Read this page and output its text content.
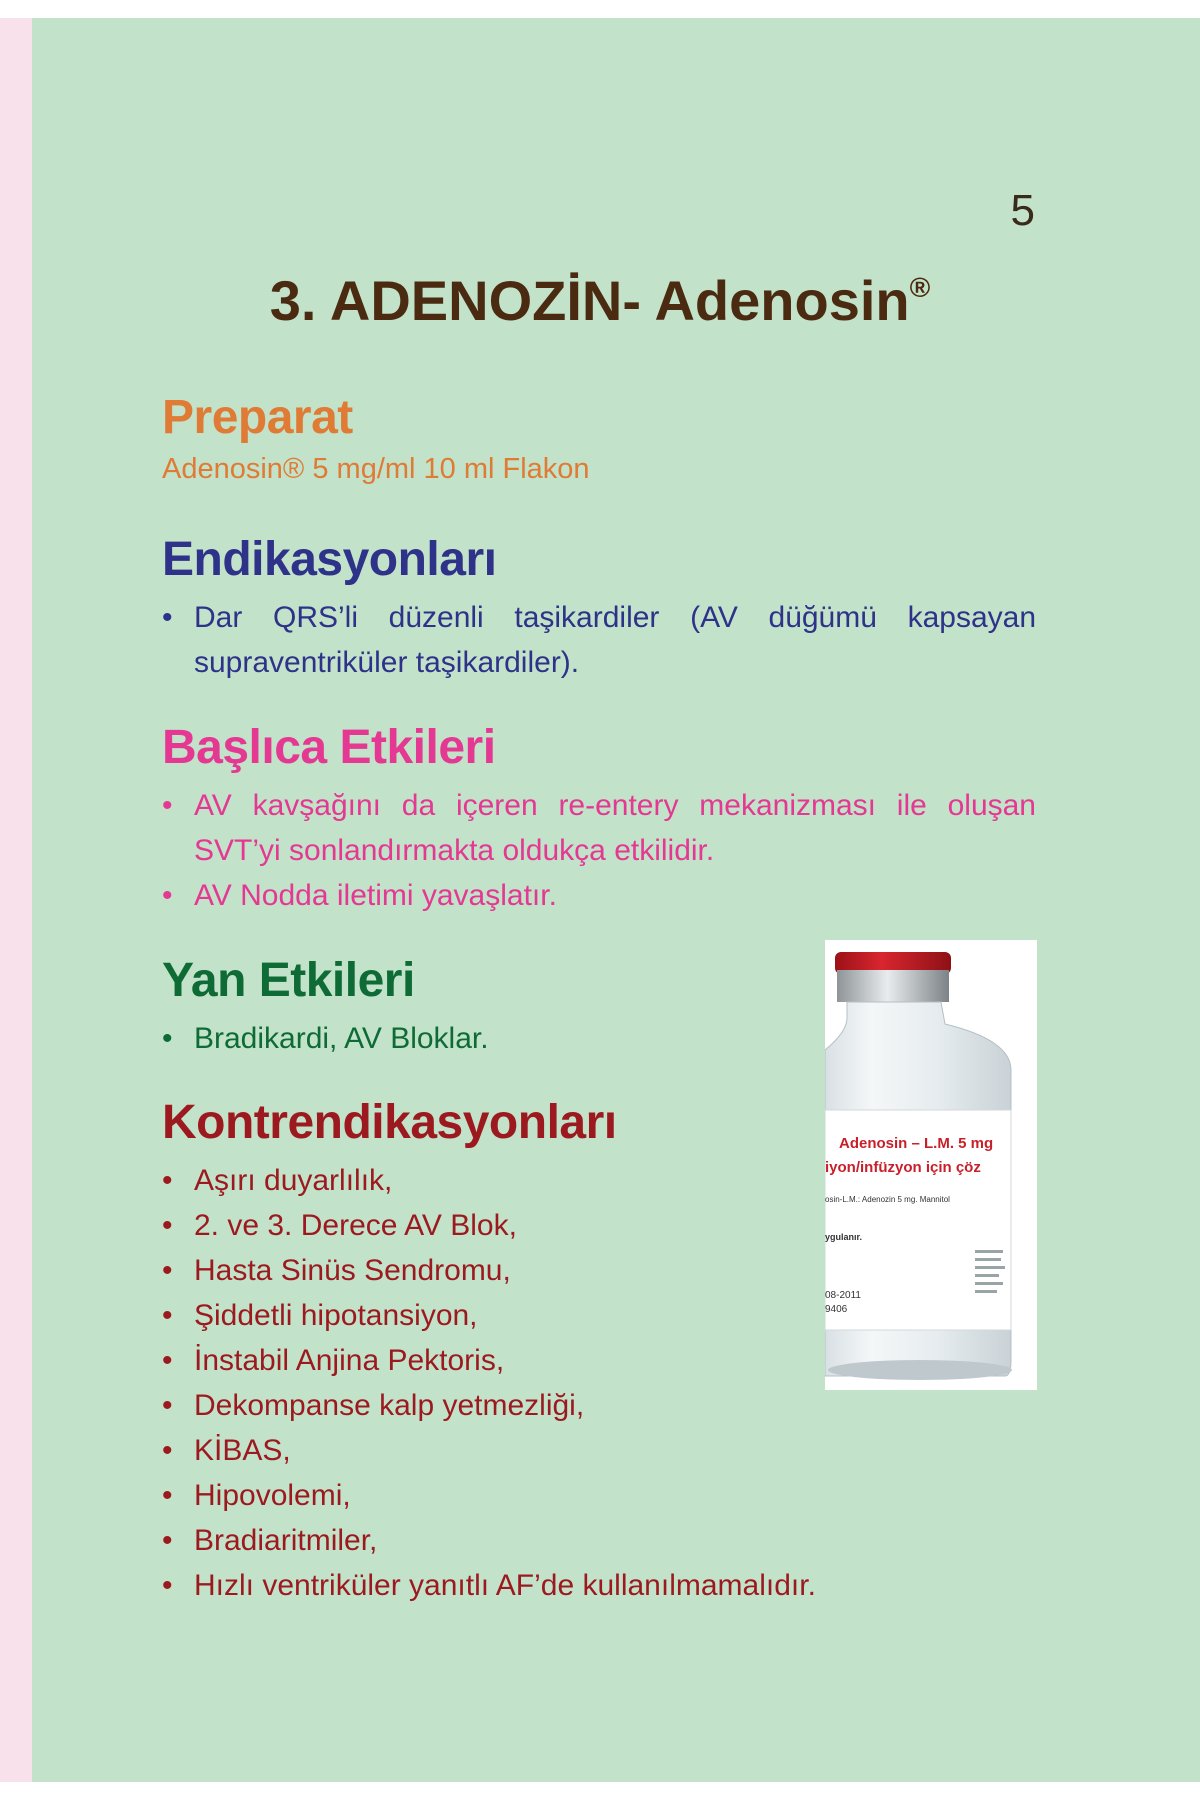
5
3. ADENOZİN- Adenosin®
Preparat

Adenosin® 5 mg/ml 10 ml Flakon

Endikasyonları
• Dar QRS’li düzenli taşikardiler (AV düğümü kapsayan supraventriküler taşikardiler).
Başlıca Etkileri
• AV kavşağını da içeren re-entery mekanizması ile oluşan SVT’yi sonlandırmakta oldukça etkilidir.
• AV Nodda iletimi yavaşlatır.
Yan Etkileri
• Bradikardi, AV Bloklar.
Kontrendikasyonları
• Aşırı duyarlılık,
• 2. ve 3. Derece AV Blok,
• Hasta Sinüs Sendromu,
• Şiddetli hipotansiyon,
• İnstabil Anjina Pektoris,
• Dekompanse kalp yetmezliği,
• KİBAS,
• Hipovolemi,
• Bradiaritmiler,
• Hızlı ventriküler yanıtlı AF’de kullanılmamalıdır.
Adenosin – L.M. 5 mg
iyon/infüzyon için çöz
osin-L.M.: Adenozin 5 mg. Mannitol
ygulanır.
08-2011
9406
